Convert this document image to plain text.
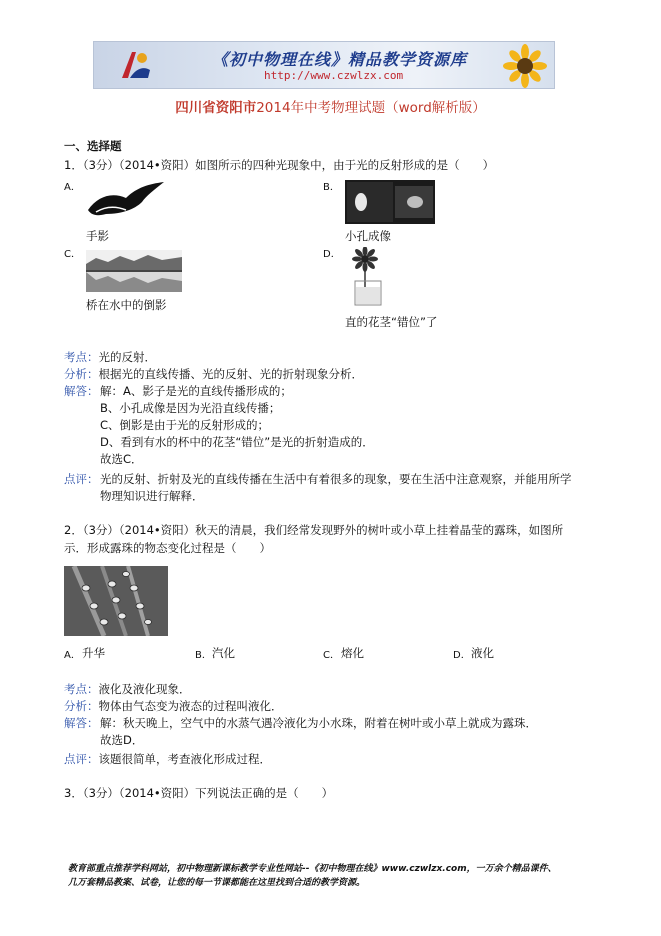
《初中物理在线》精品教学资源库
http://www.czwlzx.com
四川省资阳市2014年中考物理试题（word解析版）
一、选择题
1．（3分）（2014•资阳）如图所示的四种光现象中，由于光的反射形成的是（　　）
A．
手影
B．
小孔成像
C．
桥在水中的倒影
D．
直的花茎“错位”了
考点：光的反射．
分析：根据光的直线传播、光的反射、光的折射现象分析．
解答： 解：A、影子是光的直线传播形成的；
B、小孔成像是因为光沿直线传播；
C、倒影是由于光的反射形成的；
D、看到有水的杯中的花茎“错位”是光的折射造成的．
故选C．
点评： 光的反射、折射及光的直线传播在生活中有着很多的现象，要在生活中注意观察，并能用所学
物理知识进行解释．
2．（3分）（2014•资阳）秋天的清晨，我们经常发现野外的树叶或小草上挂着晶莹的露珠，如图所
示．形成露珠的物态变化过程是（　　）
A． 升华	B． 汽化	C． 熔化	D． 液化
考点：液化及液化现象．
分析：物体由气态变为液态的过程叫液化．
解答： 解：秋天晚上，空气中的水蒸气遇冷液化为小水珠，附着在树叶或小草上就成为露珠．
故选D．
点评：该题很简单，考查液化形成过程．
3．（3分）（2014•资阳）下列说法正确的是（　　）
教育部重点推荐学科网站，初中物理新课标教学专业性网站--《初中物理在线》www.czwlzx.com，一万余个精品课件、
几万套精品教案、试卷，让您的每一节课都能在这里找到合适的教学资源。
